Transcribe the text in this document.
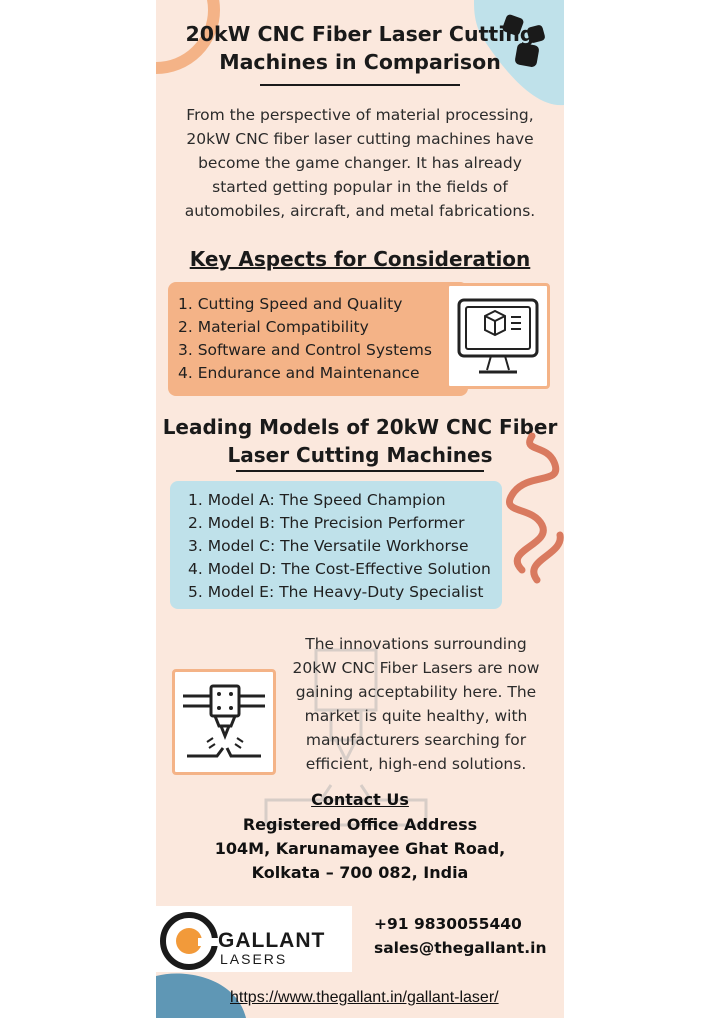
20kW CNC Fiber Laser Cutting
Machines in Comparison
From the perspective of material processing,
20kW CNC fiber laser cutting machines have
become the game changer. It has already
started getting popular in the fields of
automobiles, aircraft, and metal fabrications.
Key Aspects for Consideration
1. Cutting Speed and Quality
2. Material Compatibility
3. Software and Control Systems
4. Endurance and Maintenance
Leading Models of 20kW CNC Fiber
Laser Cutting Machines
1. Model A: The Speed Champion
2. Model B: The Precision Performer
3. Model C: The Versatile Workhorse
4. Model D: The Cost-Effective Solution
5. Model E: The Heavy-Duty Specialist
The innovations surrounding
20kW CNC Fiber Lasers are now
gaining acceptability here. The
market is quite healthy, with
manufacturers searching for
efficient, high-end solutions.
Contact Us
Registered Office Address
104M, Karunamayee Ghat Road,
Kolkata – 700 082, India
GALLANT
LASERS
+91 9830055440
sales@thegallant.in
https://www.thegallant.in/gallant-laser/
